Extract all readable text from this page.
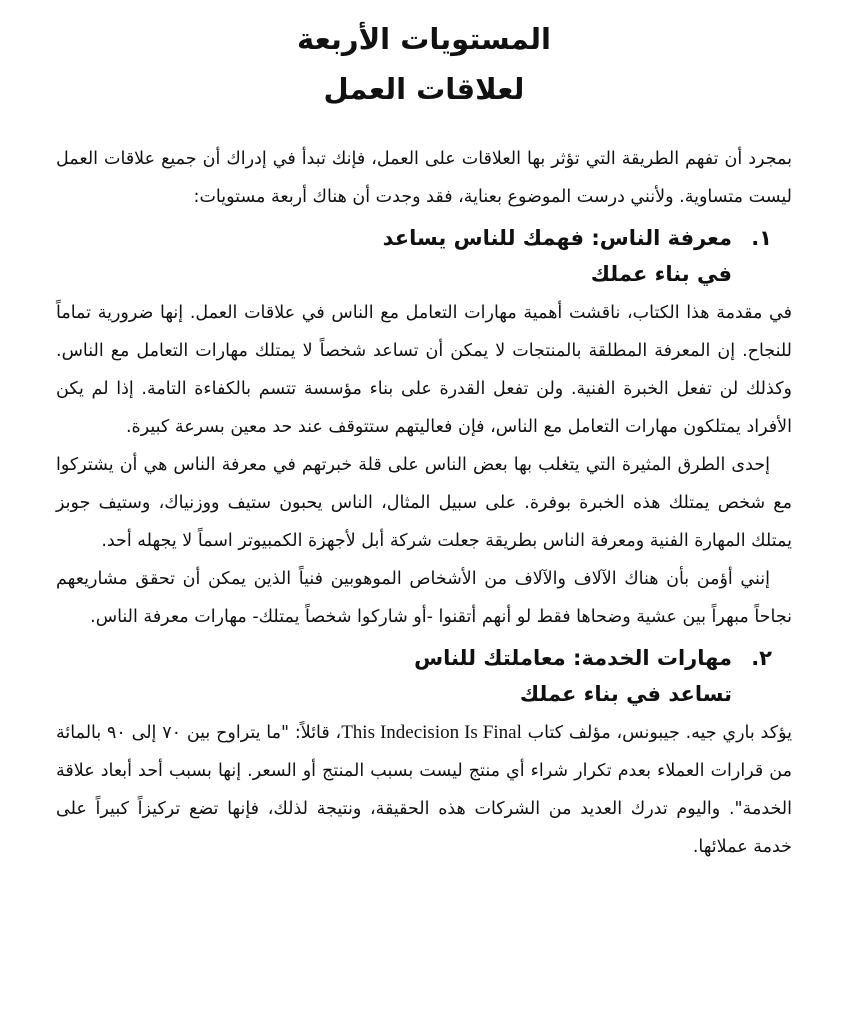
المستويات الأربعة
لعلاقات العمل

بمجرد أن تفهم الطريقة التي تؤثر بها العلاقات على العمل، فإنك تبدأ في إدراك أن جميع علاقات العمل ليست متساوية. ولأنني درست الموضوع بعناية، فقد وجدت أن هناك أربعة مستويات:

١.
معرفة الناس: فهمك للناس يساعد في بناء عملك

في مقدمة هذا الكتاب، ناقشت أهمية مهارات التعامل مع الناس في علاقات العمل. إنها ضرورية تماماً للنجاح. إن المعرفة المطلقة بالمنتجات لا يمكن أن تساعد شخصاً لا يمتلك مهارات التعامل مع الناس. وكذلك لن تفعل الخبرة الفنية. ولن تفعل القدرة على بناء مؤسسة تتسم بالكفاءة التامة. إذا لم يكن الأفراد يمتلكون مهارات التعامل مع الناس، فإن فعاليتهم ستتوقف عند حد معين بسرعة كبيرة.

إحدى الطرق المثيرة التي يتغلب بها بعض الناس على قلة خبرتهم في معرفة الناس هي أن يشتركوا مع شخص يمتلك هذه الخبرة بوفرة. على سبيل المثال، الناس يحبون ستيف ووزنياك، وستيف جوبز يمتلك المهارة الفنية ومعرفة الناس بطريقة جعلت شركة أبل لأجهزة الكمبيوتر اسماً لا يجهله أحد.

إنني أؤمن بأن هناك الآلاف والآلاف من الأشخاص الموهوبين فنياً الذين يمكن أن تحقق مشاريعهم نجاحاً مبهراً بين عشية وضحاها فقط لو أنهم أتقنوا -أو شاركوا شخصاً يمتلك- مهارات معرفة الناس.

٢.
مهارات الخدمة: معاملتك للناس تساعد في بناء عملك

يؤكد باري جيه. جيبونس، مؤلف كتاب This Indecision Is Final، قائلاً: "ما يتراوح بين ٧٠ إلى ٩٠ بالمائة من قرارات العملاء بعدم تكرار شراء أي منتج ليست بسبب المنتج أو السعر. إنها بسبب أحد أبعاد علاقة الخدمة". واليوم تدرك العديد من الشركات هذه الحقيقة، ونتيجة لذلك، فإنها تضع تركيزاً كبيراً على خدمة عملائها.
